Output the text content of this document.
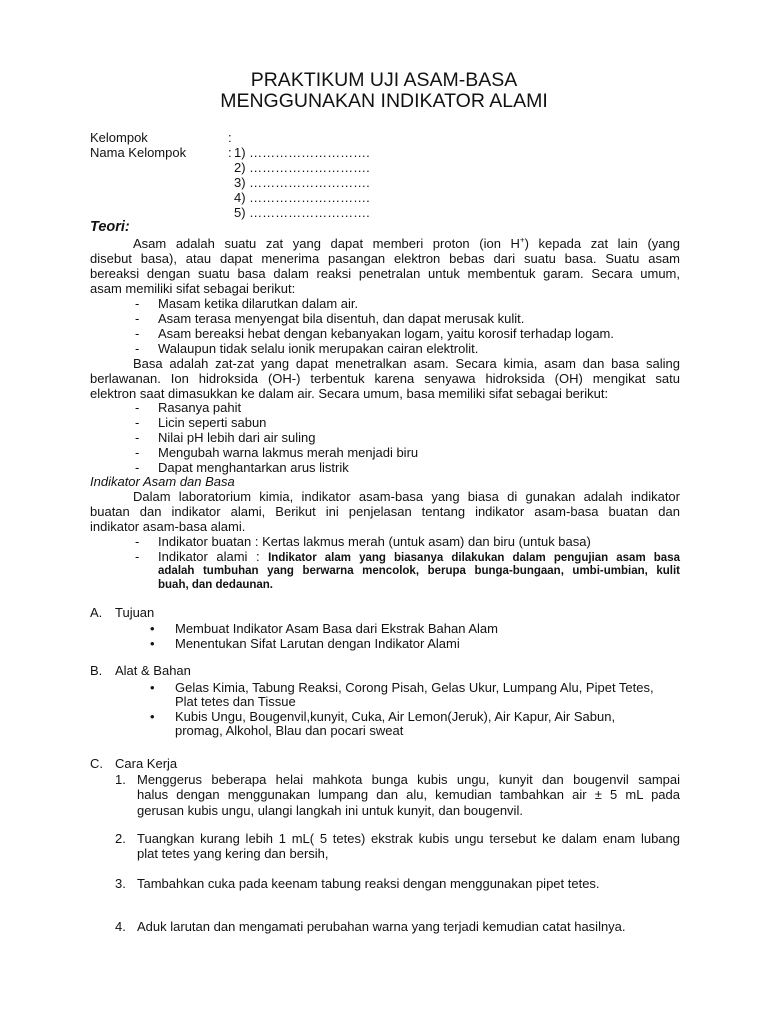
PRAKTIKUM UJI ASAM-BASA
MENGGUNAKAN INDIKATOR ALAMI
Kelompok	:
Nama Kelompok	: 1) ……………………….
2) ……………………….
3) ……………………….
4) ……………………….
5) ……………………….
Teori:
Asam adalah suatu zat yang dapat memberi proton (ion H+) kepada zat lain (yang
disebut basa), atau dapat menerima pasangan elektron bebas dari suatu basa. Suatu asam
bereaksi dengan suatu basa dalam reaksi penetralan untuk membentuk garam. Secara umum,
asam memiliki sifat sebagai berikut:
- Masam ketika dilarutkan dalam air.
- Asam terasa menyengat bila disentuh, dan dapat merusak kulit.
- Asam bereaksi hebat dengan kebanyakan logam, yaitu korosif terhadap logam.
- Walaupun tidak selalu ionik merupakan cairan elektrolit.
Basa adalah zat-zat yang dapat menetralkan asam. Secara kimia, asam dan basa saling
berlawanan. Ion hidroksida (OH-) terbentuk karena senyawa hidroksida (OH) mengikat satu
elektron saat dimasukkan ke dalam air. Secara umum, basa memiliki sifat sebagai berikut:
- Rasanya pahit
- Licin seperti sabun
- Nilai pH lebih dari air suling
- Mengubah warna lakmus merah menjadi biru
- Dapat menghantarkan arus listrik
Indikator Asam dan Basa
Dalam laboratorium kimia, indikator asam-basa yang biasa di gunakan adalah indikator
buatan dan indikator alami, Berikut ini penjelasan tentang indikator asam-basa buatan dan
indikator asam-basa alami.
- Indikator buatan : Kertas lakmus merah (untuk asam) dan biru (untuk basa)
- Indikator alami : Indikator alam yang biasanya dilakukan dalam pengujian asam basa
adalah tumbuhan yang berwarna mencolok, berupa bunga-bungaan, umbi-umbian, kulit
buah, dan dedaunan.
A. Tujuan
• Membuat Indikator Asam Basa dari Ekstrak Bahan Alam
• Menentukan Sifat Larutan dengan Indikator Alami
B. Alat & Bahan
• Gelas Kimia, Tabung Reaksi, Corong Pisah, Gelas Ukur, Lumpang Alu, Pipet Tetes,
Plat tetes dan Tissue
• Kubis Ungu, Bougenvil,kunyit, Cuka, Air Lemon(Jeruk), Air Kapur, Air Sabun,
promag, Alkohol, Blau dan pocari sweat
C. Cara Kerja
1. Menggerus beberapa helai mahkota bunga kubis ungu, kunyit dan bougenvil sampai
halus dengan menggunakan lumpang dan alu, kemudian tambahkan air ± 5 mL pada
gerusan kubis ungu, ulangi langkah ini untuk kunyit, dan bougenvil.
2. Tuangkan kurang lebih 1 mL( 5 tetes) ekstrak kubis ungu tersebut ke dalam enam lubang
plat tetes yang kering dan bersih,
3. Tambahkan cuka pada keenam tabung reaksi dengan menggunakan pipet tetes.
4. Aduk larutan dan mengamati perubahan warna yang terjadi kemudian catat hasilnya.
